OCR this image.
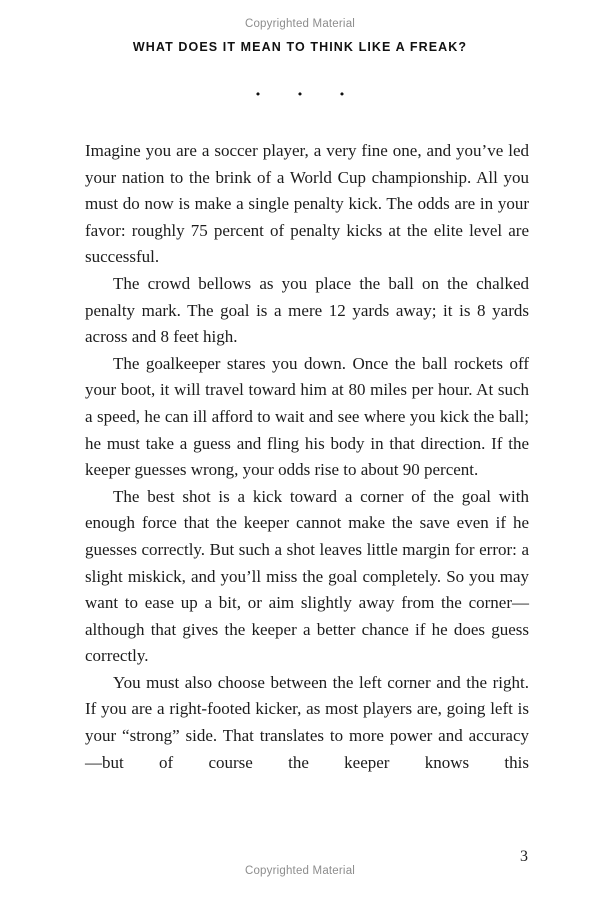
Copyrighted Material
WHAT DOES IT MEAN TO THINK LIKE A FREAK?
• • •

Imagine you are a soccer player, a very fine one, and you’ve led your nation to the brink of a World Cup championship. All you must do now is make a single penalty kick. The odds are in your favor: roughly 75 percent of penalty kicks at the elite level are successful.

The crowd bellows as you place the ball on the chalked penalty mark. The goal is a mere 12 yards away; it is 8 yards across and 8 feet high.

The goalkeeper stares you down. Once the ball rockets off your boot, it will travel toward him at 80 miles per hour. At such a speed, he can ill afford to wait and see where you kick the ball; he must take a guess and fling his body in that direction. If the keeper guesses wrong, your odds rise to about 90 percent.

The best shot is a kick toward a corner of the goal with enough force that the keeper cannot make the save even if he guesses correctly. But such a shot leaves little margin for error: a slight miskick, and you’ll miss the goal completely. So you may want to ease up a bit, or aim slightly away from the corner—although that gives the keeper a better chance if he does guess correctly.

You must also choose between the left corner and the right. If you are a right-footed kicker, as most players are, going left is your “strong” side. That translates to more power and accuracy—but of course the keeper knows this

3
Copyrighted Material
